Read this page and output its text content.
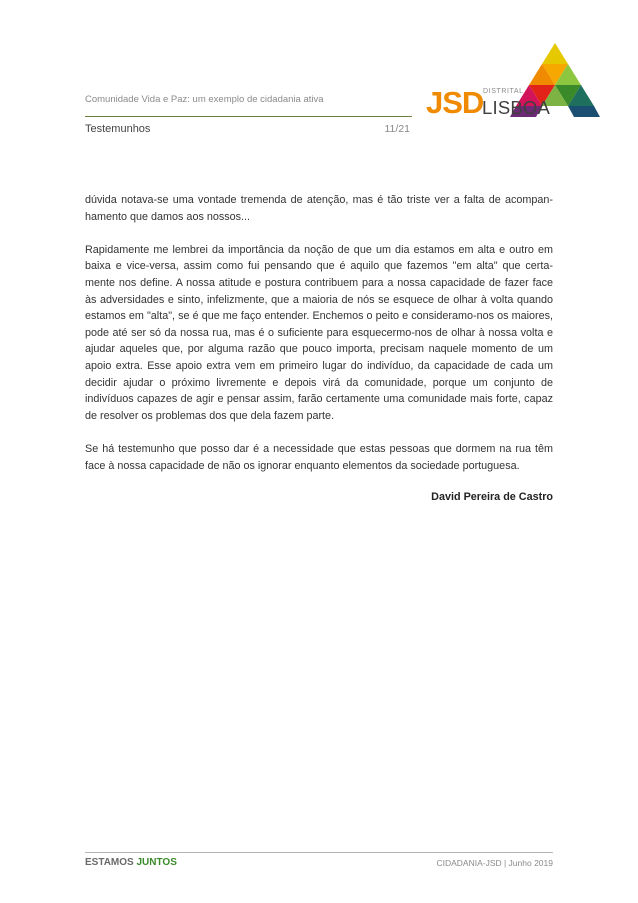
Comunidade Vida e Paz: um exemplo de cidadania ativa
Testemunhos	11/21
JSD DISTRITAL
LISBOA

dúvida notava-se uma vontade tremenda de atenção, mas é tão triste ver a falta de acompan-hamento que damos aos nossos...

Rapidamente me lembrei da importância da noção de que um dia estamos em alta e outro em baixa e vice-versa, assim como fui pensando que é aquilo que fazemos "em alta" que certa-mente nos define. A nossa atitude e postura contribuem para a nossa capacidade de fazer face às adversidades e sinto, infelizmente, que a maioria de nós se esquece de olhar à volta quando estamos em "alta", se é que me faço entender. Enchemos o peito e consideramo-nos os maiores, pode até ser só da nossa rua, mas é o suficiente para esquecermo-nos de olhar à nossa volta e ajudar aqueles que, por alguma razão que pouco importa, precisam naquele momento de um apoio extra. Esse apoio extra vem em primeiro lugar do indivíduo, da capacidade de cada um decidir ajudar o próximo livremente e depois virá da comunidade, porque um conjunto de indivíduos capazes de agir e pensar assim, farão certamente uma comunidade mais forte, capaz de resolver os problemas dos que dela fazem parte.

Se há testemunho que posso dar é a necessidade que estas pessoas que dormem na rua têm face à nossa capacidade de não os ignorar enquanto elementos da sociedade portuguesa.

David Pereira de Castro
ESTAMOS JUNTOS	CIDADANIA-JSD | Junho 2019
